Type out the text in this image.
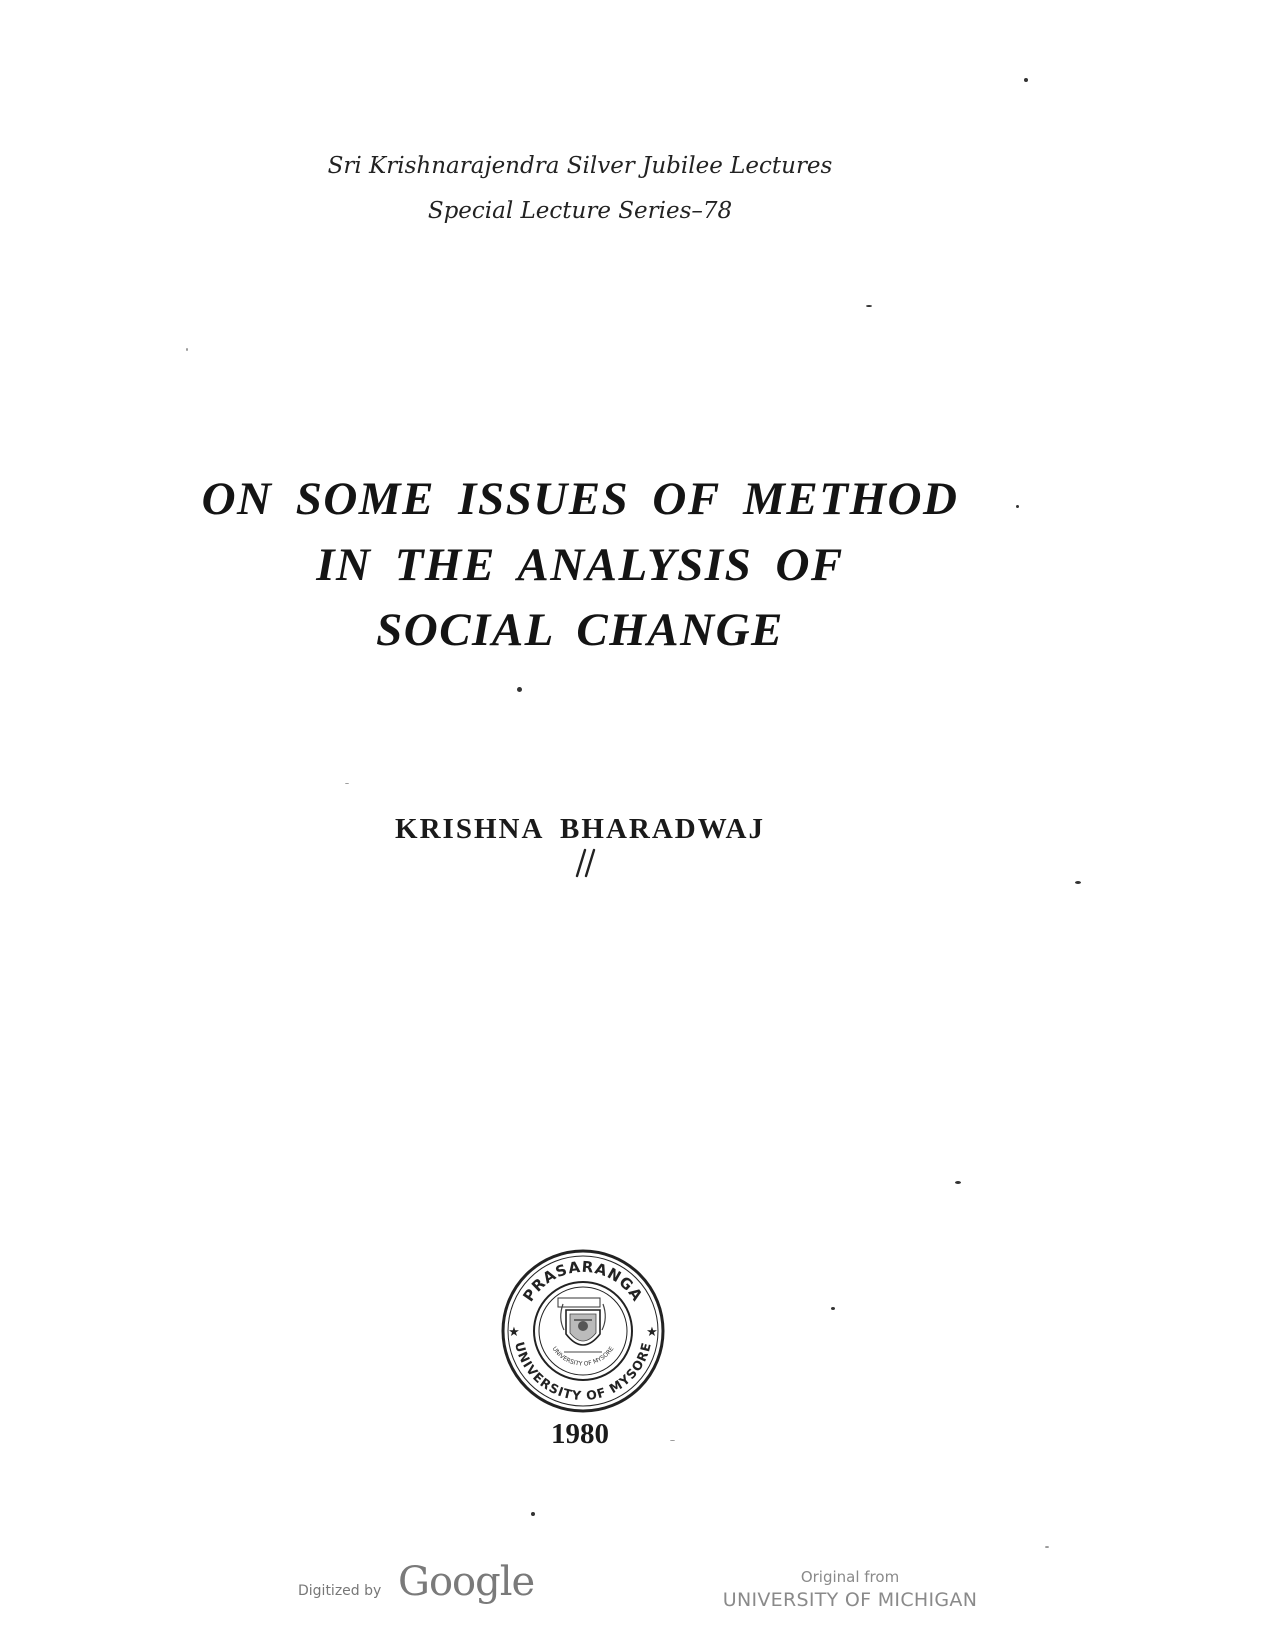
Sri Krishnarajendra Silver Jubilee Lectures
Special Lecture Series–78
ON SOME ISSUES OF METHOD
IN THE ANALYSIS OF
SOCIAL CHANGE
KRISHNA BHARADWAJ
PRASARANGA
UNIVERSITY OF MYSORE
UNIVERSITY OF MYSORE
★	★
1980
Digitized by Google	Original from
UNIVERSITY OF MICHIGAN
